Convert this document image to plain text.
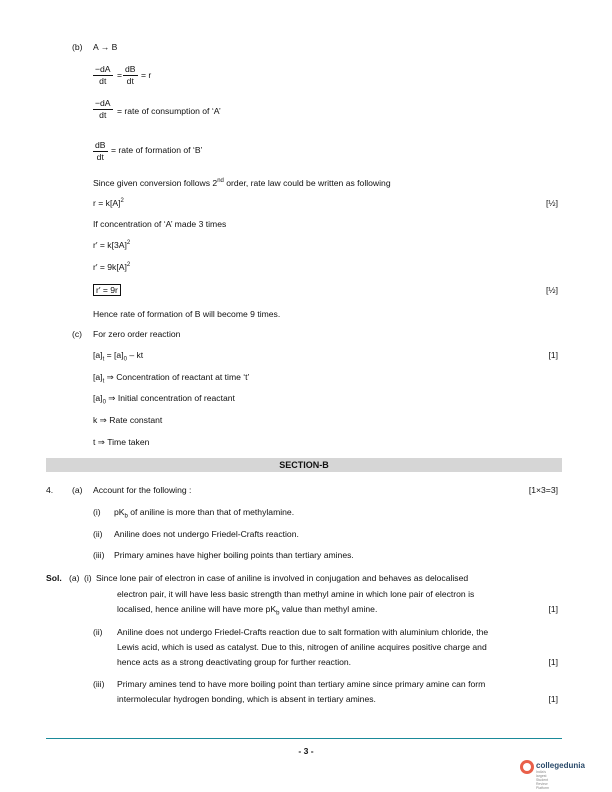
(b) A → B
$\frac{-dA}{dt} = \frac{dB}{dt} = r$
$\frac{-dA}{dt}$ = rate of consumption of ‘A’
$\frac{dB}{dt}$ = rate of formation of ‘B’
Since given conversion follows 2nd order, rate law could be written as following
$r = k[A]^2$	[½]
If concentration of ‘A’ made 3 times
$r' = k[3A]^2$
$r' = 9k[A]^2$
r′ = 9r	[½]
Hence rate of formation of B will become 9 times.
(c) For zero order reaction
$[a]_t = [a]_0$ – kt	[1]
$[a]_t$ ⇒ Concentration of reactant at time ‘t’
$[a]_0$ ⇒ Initial concentration of reactant
k ⇒ Rate constant
t ⇒ Time taken
SECTION-B
4. (a) Account for the following :	[1×3=3]
(i) $pK_b$ of aniline is more than that of methylamine.
(ii) Aniline does not undergo Friedel-Crafts reaction.
(iii) Primary amines have higher boiling points than tertiary amines.
Sol. (a) (i) Since lone pair of electron in case of aniline is involved in conjugation and behaves as delocalised
electron pair, it will have less basic strength than methyl amine in which lone pair of electron is
localised, hence aniline will have more $pK_b$ value than methyl amine.	[1]
(ii) Aniline does not undergo Friedel-Crafts reaction due to salt formation with aluminium chloride, the
Lewis acid, which is used as catalyst. Due to this, nitrogen of aniline acquires positive charge and
hence acts as a strong deactivating group for further reaction.	[1]
(iii) Primary amines tend to have more boiling point than tertiary amine since primary amine can form
intermolecular hydrogen bonding, which is absent in tertiary amines.	[1]
- 3 -
collegedunia
India's largest Student Review Platform
